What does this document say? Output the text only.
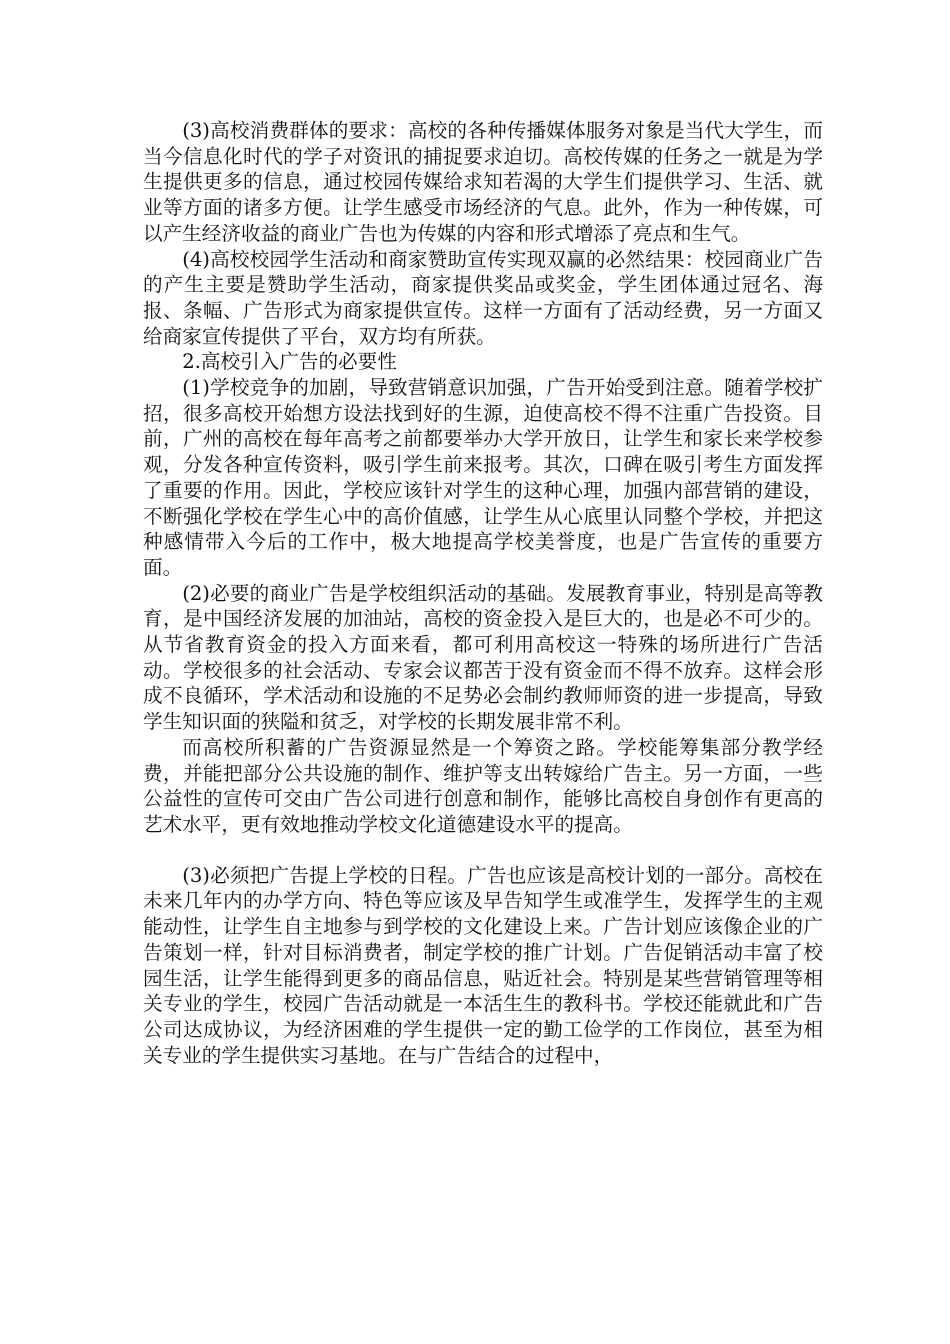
(3)高校消费群体的要求：高校的各种传播媒体服务对象是当代大学生，而当今信息化时代的学子对资讯的捕捉要求迫切。高校传媒的任务之一就是为学生提供更多的信息，通过校园传媒给求知若渴的大学生们提供学习、生活、就业等方面的诸多方便。让学生感受市场经济的气息。此外，作为一种传媒，可以产生经济收益的商业广告也为传媒的内容和形式增添了亮点和生气。

(4)高校校园学生活动和商家赞助宣传实现双赢的必然结果：校园商业广告的产生主要是赞助学生活动，商家提供奖品或奖金，学生团体通过冠名、海报、条幅、广告形式为商家提供宣传。这样一方面有了活动经费，另一方面又给商家宣传提供了平台，双方均有所获。

2.高校引入广告的必要性

(1)学校竞争的加剧，导致营销意识加强，广告开始受到注意。随着学校扩招，很多高校开始想方设法找到好的生源，迫使高校不得不注重广告投资。目前，广州的高校在每年高考之前都要举办大学开放日，让学生和家长来学校参观，分发各种宣传资料，吸引学生前来报考。其次，口碑在吸引考生方面发挥了重要的作用。因此，学校应该针对学生的这种心理，加强内部营销的建设，不断强化学校在学生心中的高价值感，让学生从心底里认同整个学校，并把这种感情带入今后的工作中，极大地提高学校美誉度，也是广告宣传的重要方面。

(2)必要的商业广告是学校组织活动的基础。发展教育事业，特别是高等教育，是中国经济发展的加油站，高校的资金投入是巨大的，也是必不可少的。从节省教育资金的投入方面来看，都可利用高校这一特殊的场所进行广告活动。学校很多的社会活动、专家会议都苦于没有资金而不得不放弃。这样会形成不良循环，学术活动和设施的不足势必会制约教师师资的进一步提高，导致学生知识面的狭隘和贫乏，对学校的长期发展非常不利。

而高校所积蓄的广告资源显然是一个筹资之路。学校能筹集部分教学经费，并能把部分公共设施的制作、维护等支出转嫁给广告主。另一方面，一些公益性的宣传可交由广告公司进行创意和制作，能够比高校自身创作有更高的艺术水平，更有效地推动学校文化道德建设水平的提高。

(3)必须把广告提上学校的日程。广告也应该是高校计划的一部分。高校在未来几年内的办学方向、特色等应该及早告知学生或准学生，发挥学生的主观能动性，让学生自主地参与到学校的文化建设上来。广告计划应该像企业的广告策划一样，针对目标消费者，制定学校的推广计划。广告促销活动丰富了校园生活，让学生能得到更多的商品信息，贴近社会。特别是某些营销管理等相关专业的学生，校园广告活动就是一本活生生的教科书。学校还能就此和广告公司达成协议，为经济困难的学生提供一定的勤工俭学的工作岗位，甚至为相关专业的学生提供实习基地。在与广告结合的过程中，
